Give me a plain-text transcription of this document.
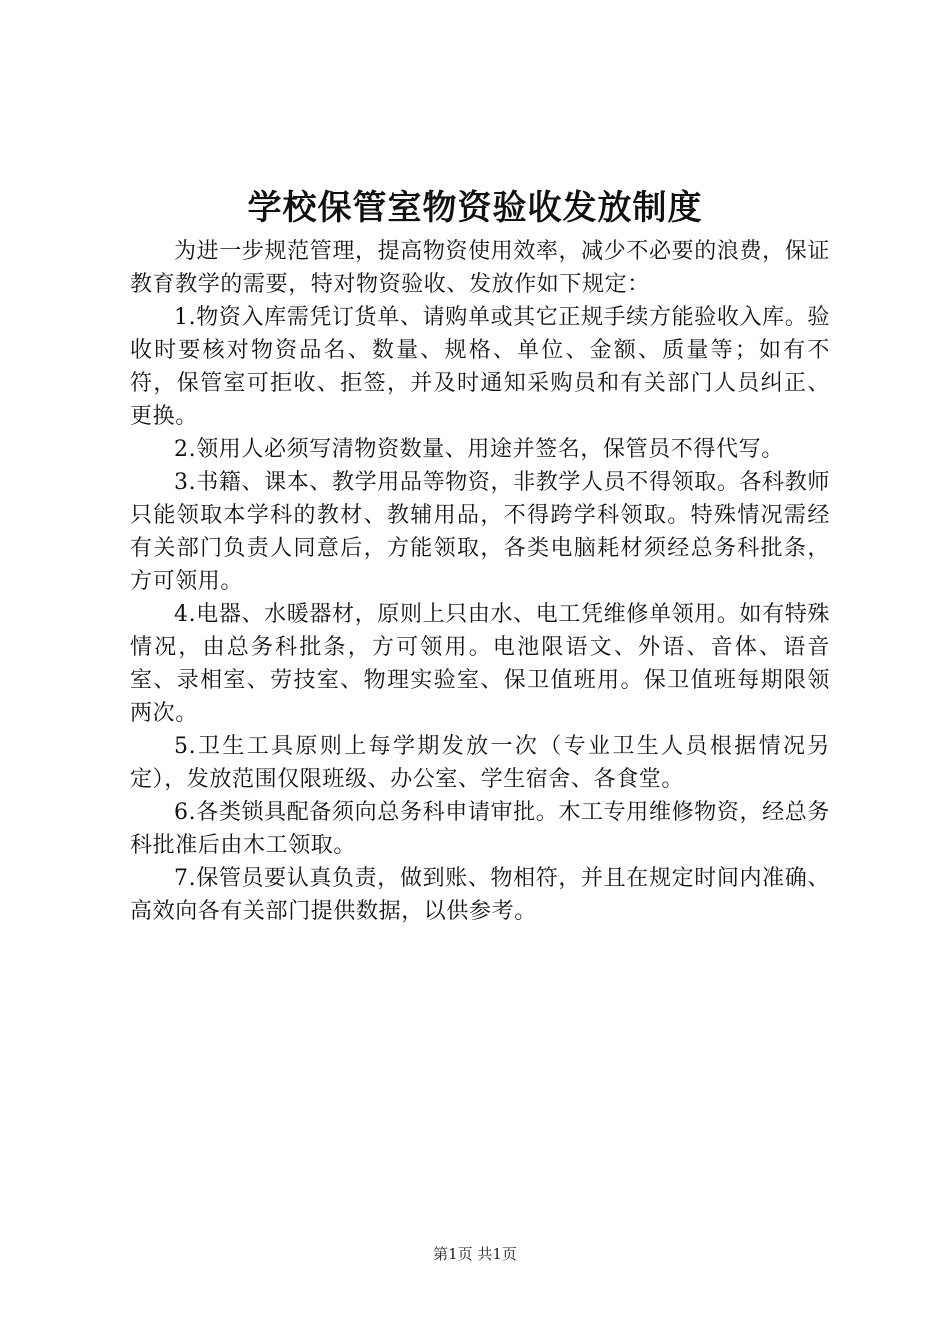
学校保管室物资验收发放制度

为进一步规范管理，提高物资使用效率，减少不必要的浪费，保证教育教学的需要，特对物资验收、发放作如下规定：

1.物资入库需凭订货单、请购单或其它正规手续方能验收入库。验收时要核对物资品名、数量、规格、单位、金额、质量等；如有不符，保管室可拒收、拒签，并及时通知采购员和有关部门人员纠正、更换。

2.领用人必须写清物资数量、用途并签名，保管员不得代写。

3.书籍、课本、教学用品等物资，非教学人员不得领取。各科教师只能领取本学科的教材、教辅用品，不得跨学科领取。特殊情况需经有关部门负责人同意后，方能领取，各类电脑耗材须经总务科批条，方可领用。

4.电器、水暖器材，原则上只由水、电工凭维修单领用。如有特殊情况，由总务科批条，方可领用。电池限语文、外语、音体、语音室、录相室、劳技室、物理实验室、保卫值班用。保卫值班每期限领两次。

5.卫生工具原则上每学期发放一次（专业卫生人员根据情况另定），发放范围仅限班级、办公室、学生宿舍、各食堂。

6.各类锁具配备须向总务科申请审批。木工专用维修物资，经总务科批准后由木工领取。

7.保管员要认真负责，做到账、物相符，并且在规定时间内准确、高效向各有关部门提供数据，以供参考。

第1页 共1页
